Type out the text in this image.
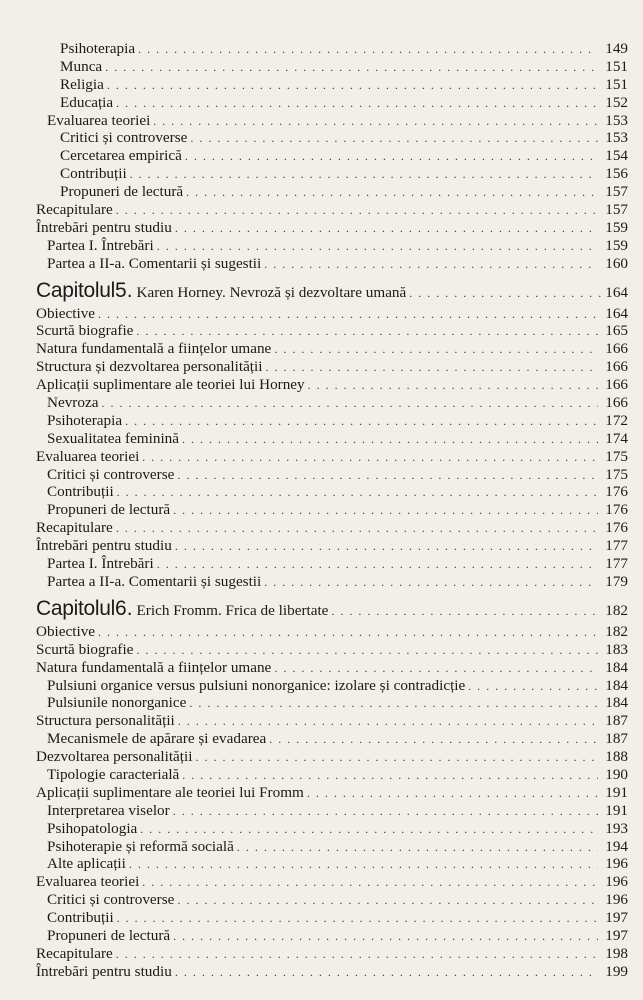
Psihoterapia . . .	149
Munca . . .	151
Religia . . .	151
Educația . . .	152
Evaluarea teoriei . . .	153
Critici și controverse . . .	153
Cercetarea empirică . . .	154
Contribuții . . .	156
Propuneri de lectură . . .	157
Recapitulare . . .	157
Întrebări pentru studiu . . .	159
Partea I. Întrebări . . .	159
Partea a II-a. Comentarii și sugestii . . .	160
Capitolul 5. Karen Horney. Nevroză și dezvoltare umană . . .	164
Obiective . . .	164
Scurtă biografie . . .	165
Natura fundamentală a ființelor umane . . .	166
Structura și dezvoltarea personalității . . .	166
Aplicații suplimentare ale teoriei lui Horney . . .	166
Nevroza . . .	166
Psihoterapia . . .	172
Sexualitatea feminină . . .	174
Evaluarea teoriei . . .	175
Critici și controverse . . .	175
Contribuții . . .	176
Propuneri de lectură . . .	176
Recapitulare . . .	176
Întrebări pentru studiu . . .	177
Partea I. Întrebări . . .	177
Partea a II-a. Comentarii și sugestii . . .	179
Capitolul 6. Erich Fromm. Frica de libertate . . .	182
Obiective . . .	182
Scurtă biografie . . .	183
Natura fundamentală a ființelor umane . . .	184
Pulsiuni organice versus pulsiuni nonorganice: izolare și contradicție . . .	184
Pulsiunile nonorganice . . .	184
Structura personalității . . .	187
Mecanismele de apărare și evadarea . . .	187
Dezvoltarea personalității . . .	188
Tipologie caracterială . . .	190
Aplicații suplimentare ale teoriei lui Fromm . . .	191
Interpretarea viselor . . .	191
Psihopatologia . . .	193
Psihoterapie și reformă socială . . .	194
Alte aplicații . . .	196
Evaluarea teoriei . . .	196
Critici și controverse . . .	196
Contribuții . . .	197
Propuneri de lectură . . .	197
Recapitulare . . .	198
Întrebări pentru studiu . . .	199
